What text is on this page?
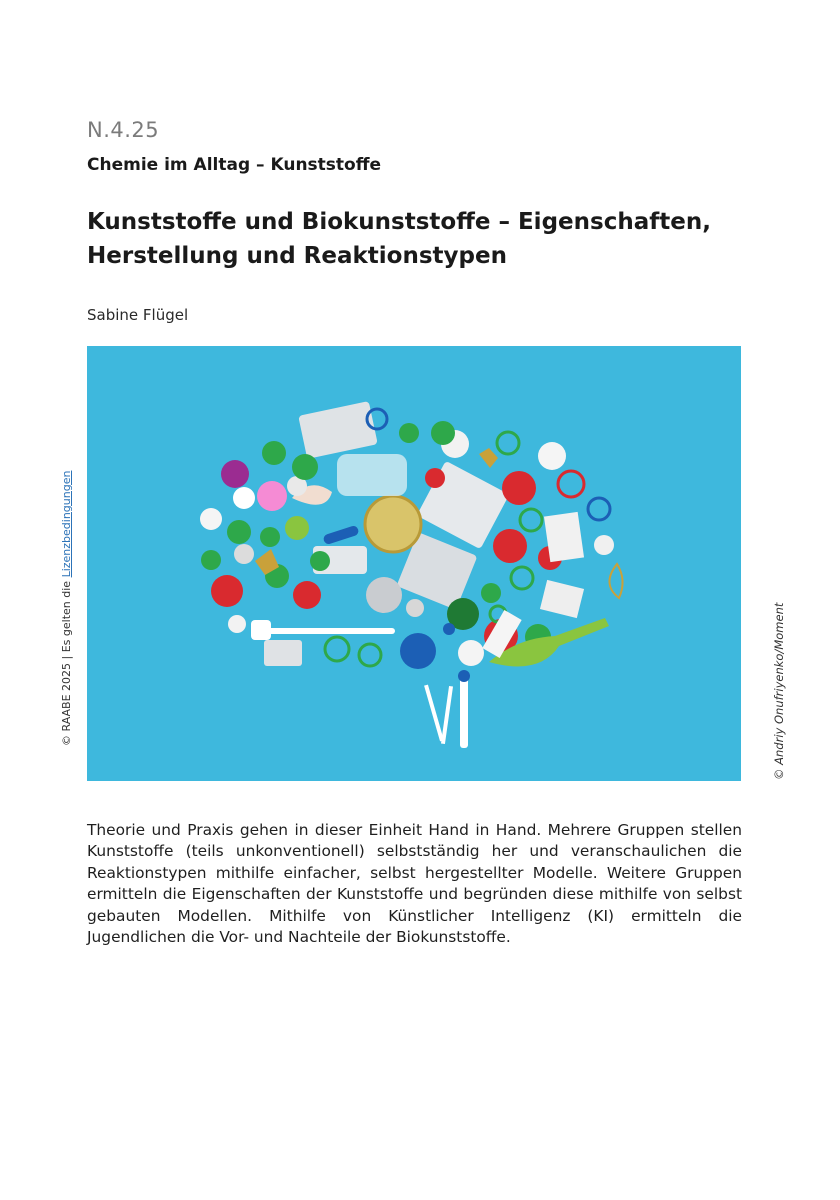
N.4.25
Chemie im Alltag – Kunststoffe
Kunststoffe und Biokunststoffe – Eigenschaften, Herstellung und Reaktionstypen
Sabine Flügel
© RAABE 2025 | Es gelten die Lizenzbedingungen
© Andriy Onufriyenko/Moment
Theorie und Praxis gehen in dieser Einheit Hand in Hand. Mehrere Gruppen stellen Kunststoffe (teils unkonventionell) selbstständig her und veranschaulichen die Reaktionstypen mithilfe einfacher, selbst hergestellter Modelle. Weitere Gruppen ermitteln die Eigenschaften der Kunststoffe und begründen diese mithilfe von selbst gebauten Modellen. Mithilfe von Künstlicher Intelligenz (KI) ermitteln die Jugendlichen die Vor- und Nachteile der Biokunststoffe.
